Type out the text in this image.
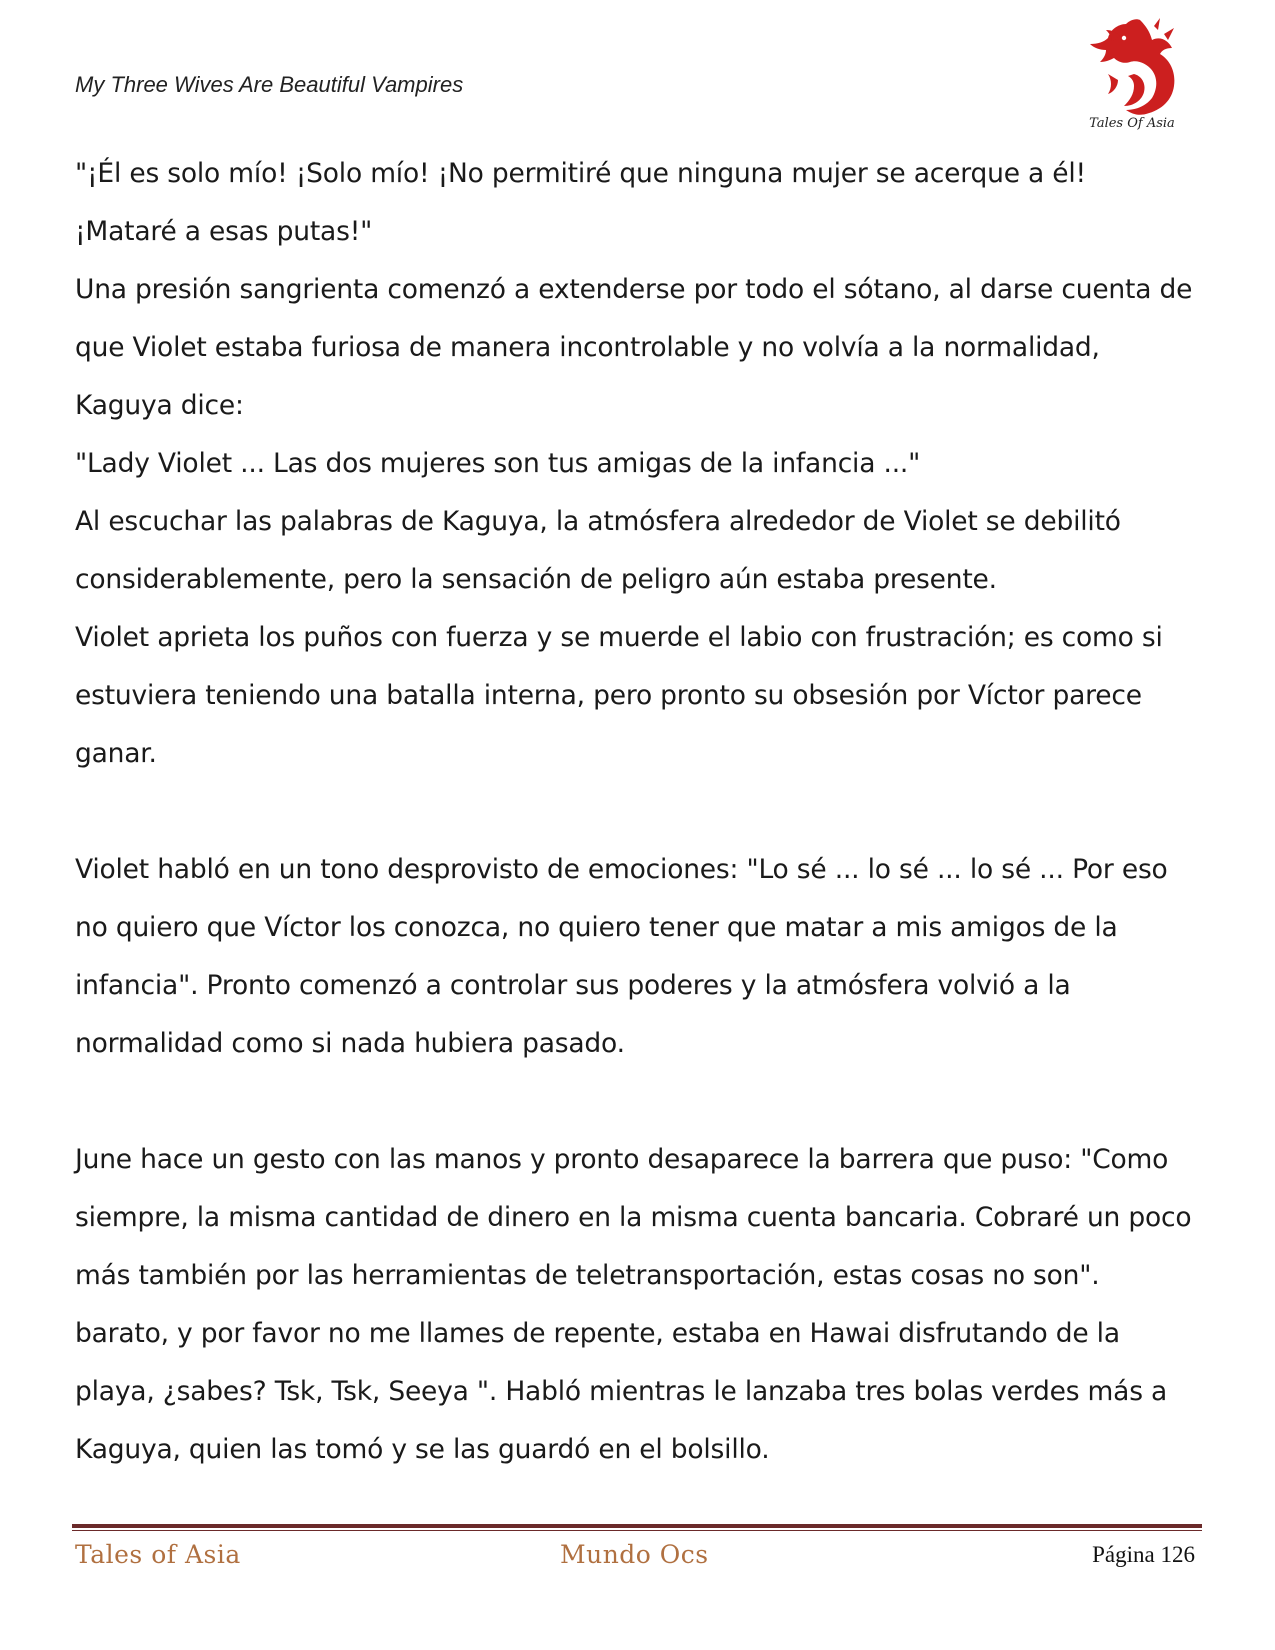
My Three Wives Are Beautiful Vampires

Tales Of Asia

"¡Él es solo mío! ¡Solo mío! ¡No permitiré que ninguna mujer se acerque a él! ¡Mataré a esas putas!"

Una presión sangrienta comenzó a extenderse por todo el sótano, al darse cuenta de que Violet estaba furiosa de manera incontrolable y no volvía a la normalidad, Kaguya dice:

"Lady Violet ... Las dos mujeres son tus amigas de la infancia ..."

Al escuchar las palabras de Kaguya, la atmósfera alrededor de Violet se debilitó considerablemente, pero la sensación de peligro aún estaba presente.

Violet aprieta los puños con fuerza y se muerde el labio con frustración; es como si estuviera teniendo una batalla interna, pero pronto su obsesión por Víctor parece ganar.

Violet habló en un tono desprovisto de emociones: "Lo sé ... lo sé ... lo sé ... Por eso no quiero que Víctor los conozca, no quiero tener que matar a mis amigos de la infancia". Pronto comenzó a controlar sus poderes y la atmósfera volvió a la normalidad como si nada hubiera pasado.

June hace un gesto con las manos y pronto desaparece la barrera que puso: "Como siempre, la misma cantidad de dinero en la misma cuenta bancaria. Cobraré un poco más también por las herramientas de teletransportación, estas cosas no son". barato, y por favor no me llames de repente, estaba en Hawai disfrutando de la playa, ¿sabes? Tsk, Tsk, Seeya ". Habló mientras le lanzaba tres bolas verdes más a Kaguya, quien las tomó y se las guardó en el bolsillo.

Tales of Asia	Mundo Ocs	Página 126
